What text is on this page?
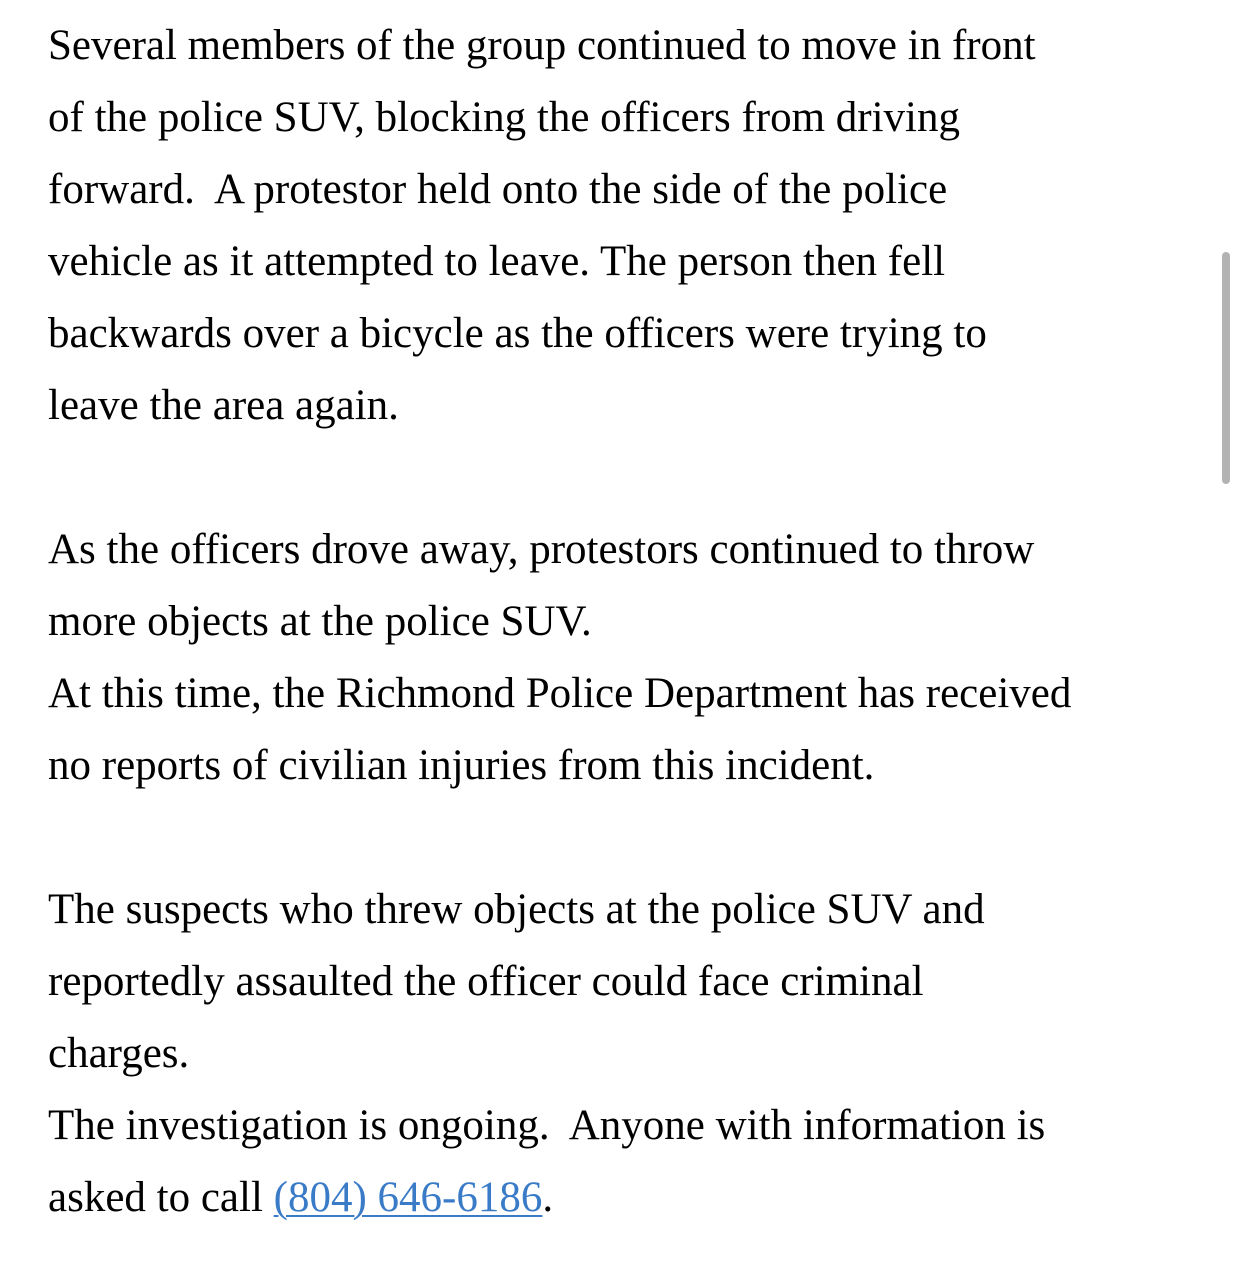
Several members of the group continued to move in front
of the police SUV, blocking the officers from driving
forward.  A protestor held onto the side of the police
vehicle as it attempted to leave. The person then fell
backwards over a bicycle as the officers were trying to
leave the area again.
As the officers drove away, protestors continued to throw
more objects at the police SUV.
At this time, the Richmond Police Department has received
no reports of civilian injuries from this incident.
The suspects who threw objects at the police SUV and
reportedly assaulted the officer could face criminal
charges.
The investigation is ongoing.  Anyone with information is
asked to call (804) 646-6186.
